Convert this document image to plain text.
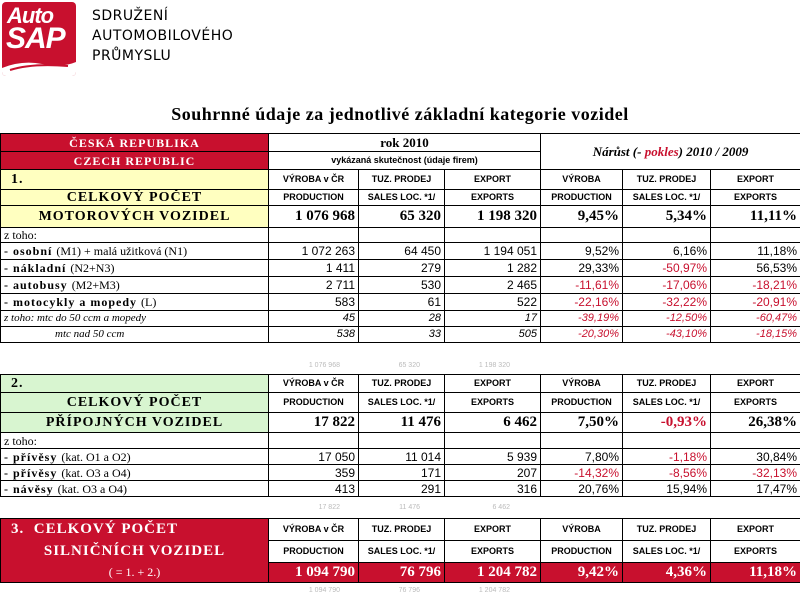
Auto
SAP
SDRUŽENÍ
AUTOMOBILOVÉHO
PRŮMYSLU
Souhrnné údaje za jednotlivé základní kategorie vozidel
ČESKÁ REPUBLIKA	rok 2010			Nárůst (- pokles) 2010 / 2009		
CZECH REPUBLIC	vykázaná skutečnost (údaje firem)					
1.	VÝROBA v ČR	TUZ. PRODEJ	EXPORT	VÝROBA	TUZ. PRODEJ	EXPORT
CELKOVÝ POČET	PRODUCTION	SALES LOC. *1/	EXPORTS	PRODUCTION	SALES LOC. *1/	EXPORTS
MOTOROVÝCH VOZIDEL	1 076 968	65 320	1 198 320	9,45%	5,34%	11,11%
z toho:						
- osobní (M1) + malá užitková (N1)	1 072 263	64 450	1 194 051	9,52%	6,16%	11,18%
- nákladní (N2+N3)	1 411	279	1 282	29,33%	-50,97%	56,53%
- autobusy (M2+M3)	2 711	530	2 465	-11,61%	-17,06%	-18,21%
- motocykly a mopedy (L)	583	61	522	-22,16%	-32,22%	-20,91%
z toho: mtc do 50 ccm a mopedy	45	28	17	-39,19%	-12,50%	-60,47%
mtc nad 50 ccm	538	33	505	-20,30%	-43,10%	-18,15%
1 076 968	65 320	1 198 320
2.	VÝROBA v ČR	TUZ. PRODEJ	EXPORT	VÝROBA	TUZ. PRODEJ	EXPORT
CELKOVÝ POČET	PRODUCTION	SALES LOC. *1/	EXPORTS	PRODUCTION	SALES LOC. *1/	EXPORTS
PŘÍPOJNÝCH VOZIDEL	17 822	11 476	6 462	7,50%	-0,93%	26,38%
z toho:						
- přívěsy (kat. O1 a O2)	17 050	11 014	5 939	7,80%	-1,18%	30,84%
- přívěsy (kat. O3 a O4)	359	171	207	-14,32%	-8,56%	-32,13%
- návěsy (kat. O3 a O4)	413	291	316	20,76%	15,94%	17,47%
17 822	11 476	6 462
3. CELKOVÝ POČET	VÝROBA v ČR	TUZ. PRODEJ	EXPORT	VÝROBA	TUZ. PRODEJ	EXPORT
SILNIČNÍCH VOZIDEL	PRODUCTION	SALES LOC. *1/	EXPORTS	PRODUCTION	SALES LOC. *1/	EXPORTS
( = 1. + 2.)	1 094 790	76 796	1 204 782	9,42%	4,36%	11,18%
1 094 790	76 796	1 204 782
